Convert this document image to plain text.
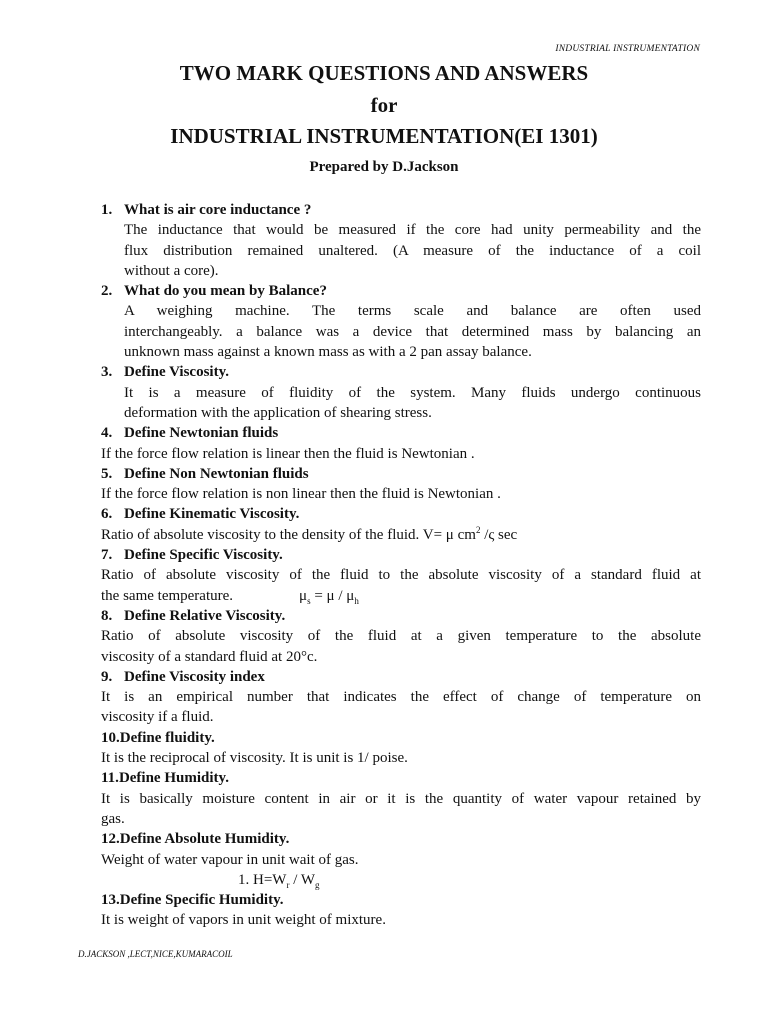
INDUSTRIAL INSTRUMENTATION
TWO MARK QUESTIONS AND ANSWERS
for
INDUSTRIAL INSTRUMENTATION(EI 1301)
Prepared by D.Jackson
1. What is air core inductance ?
The inductance that would be measured if the core had unity permeability and the
flux distribution remained unaltered. (A measure of the inductance of a coil
without a core).
2. What do you mean by Balance?
A weighing machine. The terms scale and balance are often used
interchangeably. a balance was a device that determined mass by balancing an
unknown mass against a known mass as with a 2 pan assay balance.
3. Define Viscosity.
It is a measure of fluidity of the system. Many fluids undergo continuous
deformation with the application of shearing stress.
4. Define Newtonian fluids
If the force flow relation is linear then the fluid is Newtonian .
5. Define Non Newtonian fluids
If the force flow relation is non linear then the fluid is Newtonian .
6. Define Kinematic Viscosity.
Ratio of absolute viscosity to the density of the fluid. V= μ $cm^2$ /ς sec
7. Define Specific Viscosity.
Ratio of absolute viscosity of the fluid to the absolute viscosity of a standard fluid at
the same temperature.	$\mu_s = \mu / \mu_h$
8. Define Relative Viscosity.
Ratio of absolute viscosity of the fluid at a given temperature to the absolute
viscosity of a standard fluid at 20°c.
9. Define Viscosity index
It is an empirical number that indicates the effect of change of temperature on
viscosity if a fluid.
10.Define fluidity.
It is the reciprocal of viscosity. It is unit is 1/ poise.
11.Define Humidity.
It is basically moisture content in air or it is the quantity of water vapour retained by
gas.
12.Define Absolute Humidity.
Weight of water vapour in unit wait of gas.
1. $H=W_r / W_g$
13.Define Specific Humidity.
It is weight of vapors in unit weight of mixture.
D.JACKSON ,LECT,NICE,KUMARACOIL
